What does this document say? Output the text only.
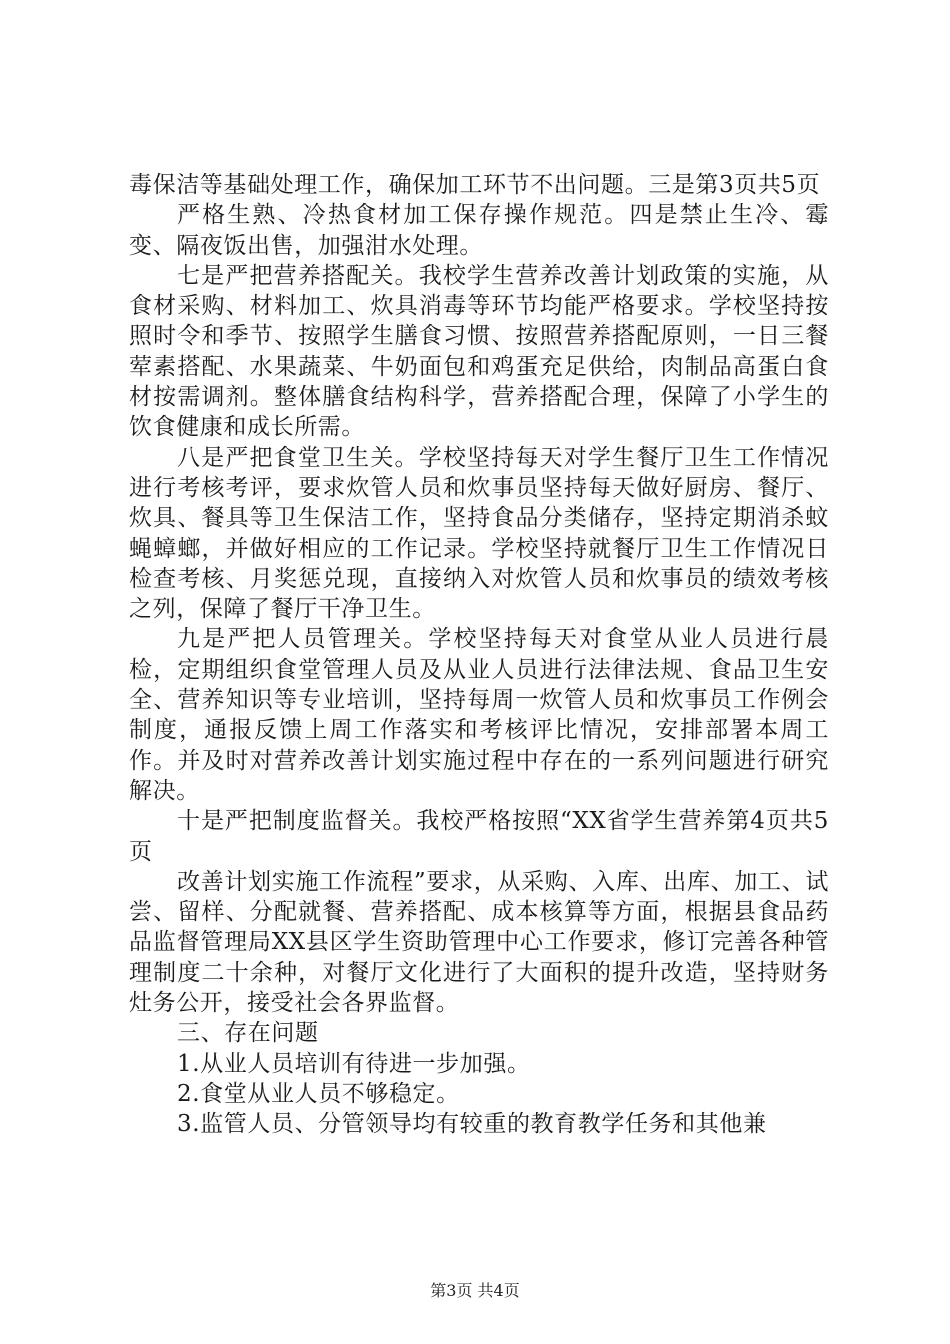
毒保洁等基础处理工作，确保加工环节不出问题。三是第3页共5页

严格生熟、冷热食材加工保存操作规范。四是禁止生冷、霉变、隔夜饭出售，加强泔水处理。

七是严把营养搭配关。我校学生营养改善计划政策的实施，从食材采购、材料加工、炊具消毒等环节均能严格要求。学校坚持按照时令和季节、按照学生膳食习惯、按照营养搭配原则，一日三餐荤素搭配、水果蔬菜、牛奶面包和鸡蛋充足供给，肉制品高蛋白食材按需调剂。整体膳食结构科学，营养搭配合理，保障了小学生的饮食健康和成长所需。

八是严把食堂卫生关。学校坚持每天对学生餐厅卫生工作情况进行考核考评，要求炊管人员和炊事员坚持每天做好厨房、餐厅、炊具、餐具等卫生保洁工作，坚持食品分类储存，坚持定期消杀蚊蝇蟑螂，并做好相应的工作记录。学校坚持就餐厅卫生工作情况日检查考核、月奖惩兑现，直接纳入对炊管人员和炊事员的绩效考核之列，保障了餐厅干净卫生。

九是严把人员管理关。学校坚持每天对食堂从业人员进行晨检，定期组织食堂管理人员及从业人员进行法律法规、食品卫生安全、营养知识等专业培训，坚持每周一炊管人员和炊事员工作例会制度，通报反馈上周工作落实和考核评比情况，安排部署本周工作。并及时对营养改善计划实施过程中存在的一系列问题进行研究解决。

十是严把制度监督关。我校严格按照“XX省学生营养第4页共5页

改善计划实施工作流程”要求，从采购、入库、出库、加工、试尝、留样、分配就餐、营养搭配、成本核算等方面，根据县食品药品监督管理局XX县区学生资助管理中心工作要求，修订完善各种管理制度二十余种，对餐厅文化进行了大面积的提升改造，坚持财务灶务公开，接受社会各界监督。

三、存在问题

1.从业人员培训有待进一步加强。

2.食堂从业人员不够稳定。

3.监管人员、分管领导均有较重的教育教学任务和其他兼

第3页 共4页
